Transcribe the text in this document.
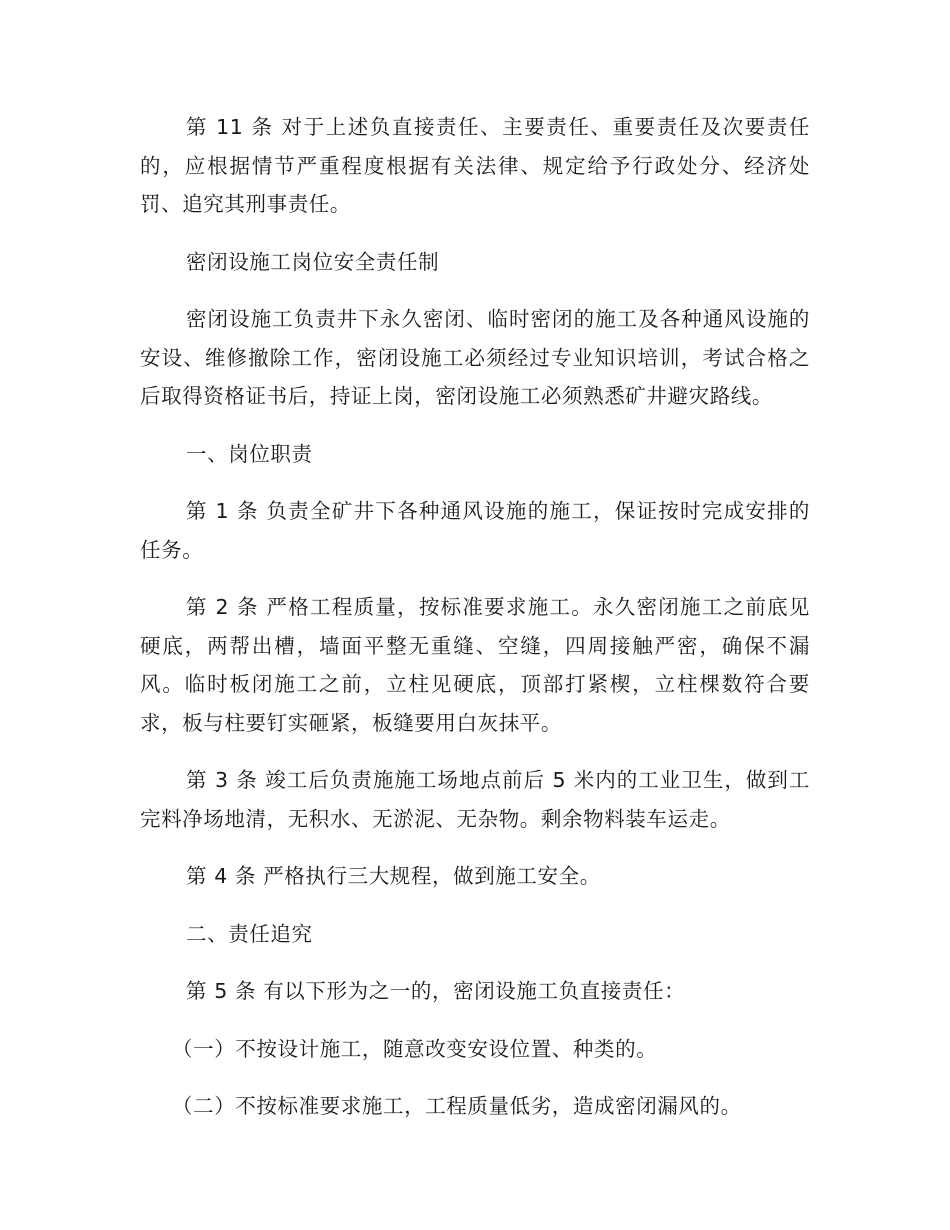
第 11 条 对于上述负直接责任、主要责任、重要责任及次要责任的，应根据情节严重程度根据有关法律、规定给予行政处分、经济处罚、追究其刑事责任。

密闭设施工岗位安全责任制

密闭设施工负责井下永久密闭、临时密闭的施工及各种通风设施的安设、维修撤除工作，密闭设施工必须经过专业知识培训，考试合格之后取得资格证书后，持证上岗，密闭设施工必须熟悉矿井避灾路线。

一、岗位职责

第 1 条 负责全矿井下各种通风设施的施工，保证按时完成安排的任务。

第 2 条 严格工程质量，按标准要求施工。永久密闭施工之前底见硬底，两帮出槽，墙面平整无重缝、空缝，四周接触严密，确保不漏风。临时板闭施工之前，立柱见硬底，顶部打紧楔，立柱棵数符合要求，板与柱要钉实砸紧，板缝要用白灰抹平。

第 3 条 竣工后负责施施工场地点前后 5 米内的工业卫生，做到工完料净场地清，无积水、无淤泥、无杂物。剩余物料装车运走。

第 4 条 严格执行三大规程，做到施工安全。

二、责任追究

第 5 条 有以下形为之一的，密闭设施工负直接责任：

（一）不按设计施工，随意改变安设位置、种类的。

（二）不按标准要求施工，工程质量低劣，造成密闭漏风的。
